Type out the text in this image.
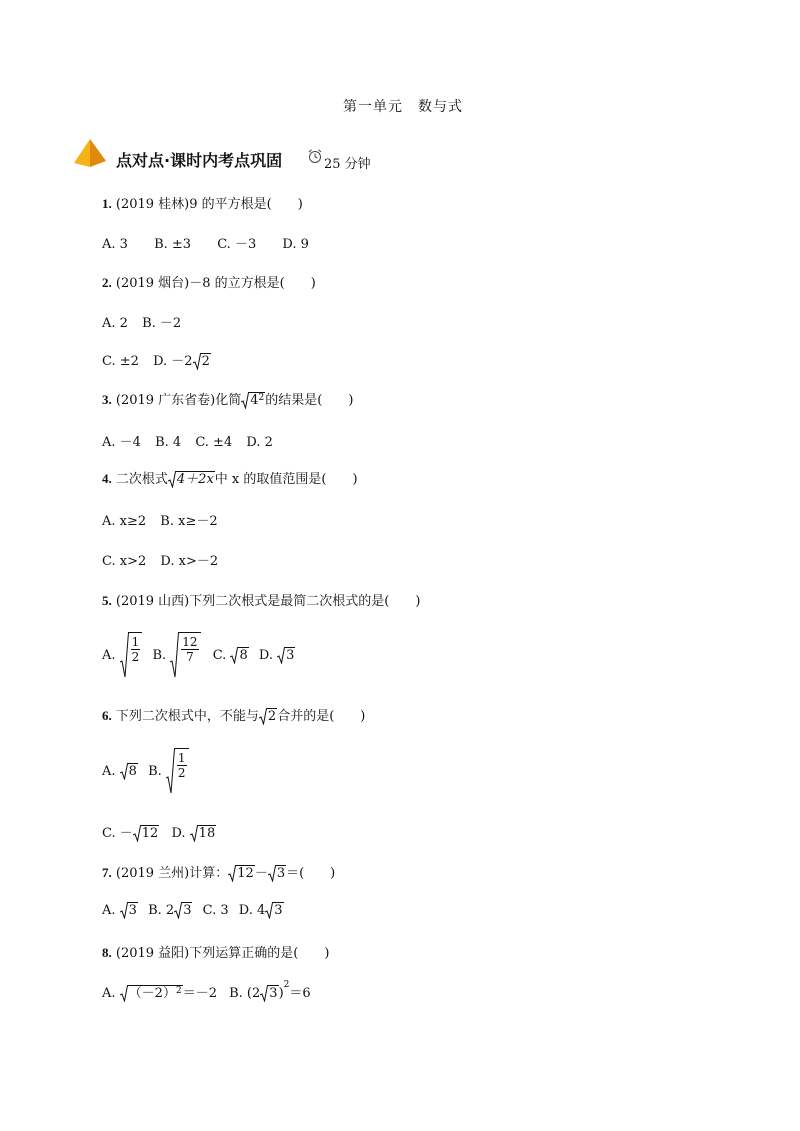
第一单元　数与式
点对点·课时内考点巩固	25 分钟
1. (2019 桂林)9 的平方根是(　　)
A. 3 B. ±3 C. －3 D. 9
2. (2019 烟台)－8 的立方根是(　　)
A. 2 B. －2
C. ±2 D. －2 2
3. (2019 广东省卷)化简 $4^2$ 的结果是(　　)
A. －4 B. 4 C. ±4 D. 2
4. 二次根式 4＋2x 中 x 的取值范围是(　　)
A. x≥2 B. x≥－2
C. x>2 D. x>－2
5. (2019 山西)下列二次根式是最简二次根式的是(　　)
A. $\frac{1}{2} B$. $\frac{12}{7} C$. 8 D. 3
6. 下列二次根式中，不能与 2 合并的是(　　)
A. 8 B. $\frac{1}{2}$
C. － 12 D. 18
7. (2019 兰州)计算： 12 － 3 ＝(　　)
A. 3 B. 2 3 C. 3 D. 4 3
8. (2019 益阳)下列运算正确的是(　　)
A. $(-2)^2 =-2$ B. (2 3 )$^2$＝6
